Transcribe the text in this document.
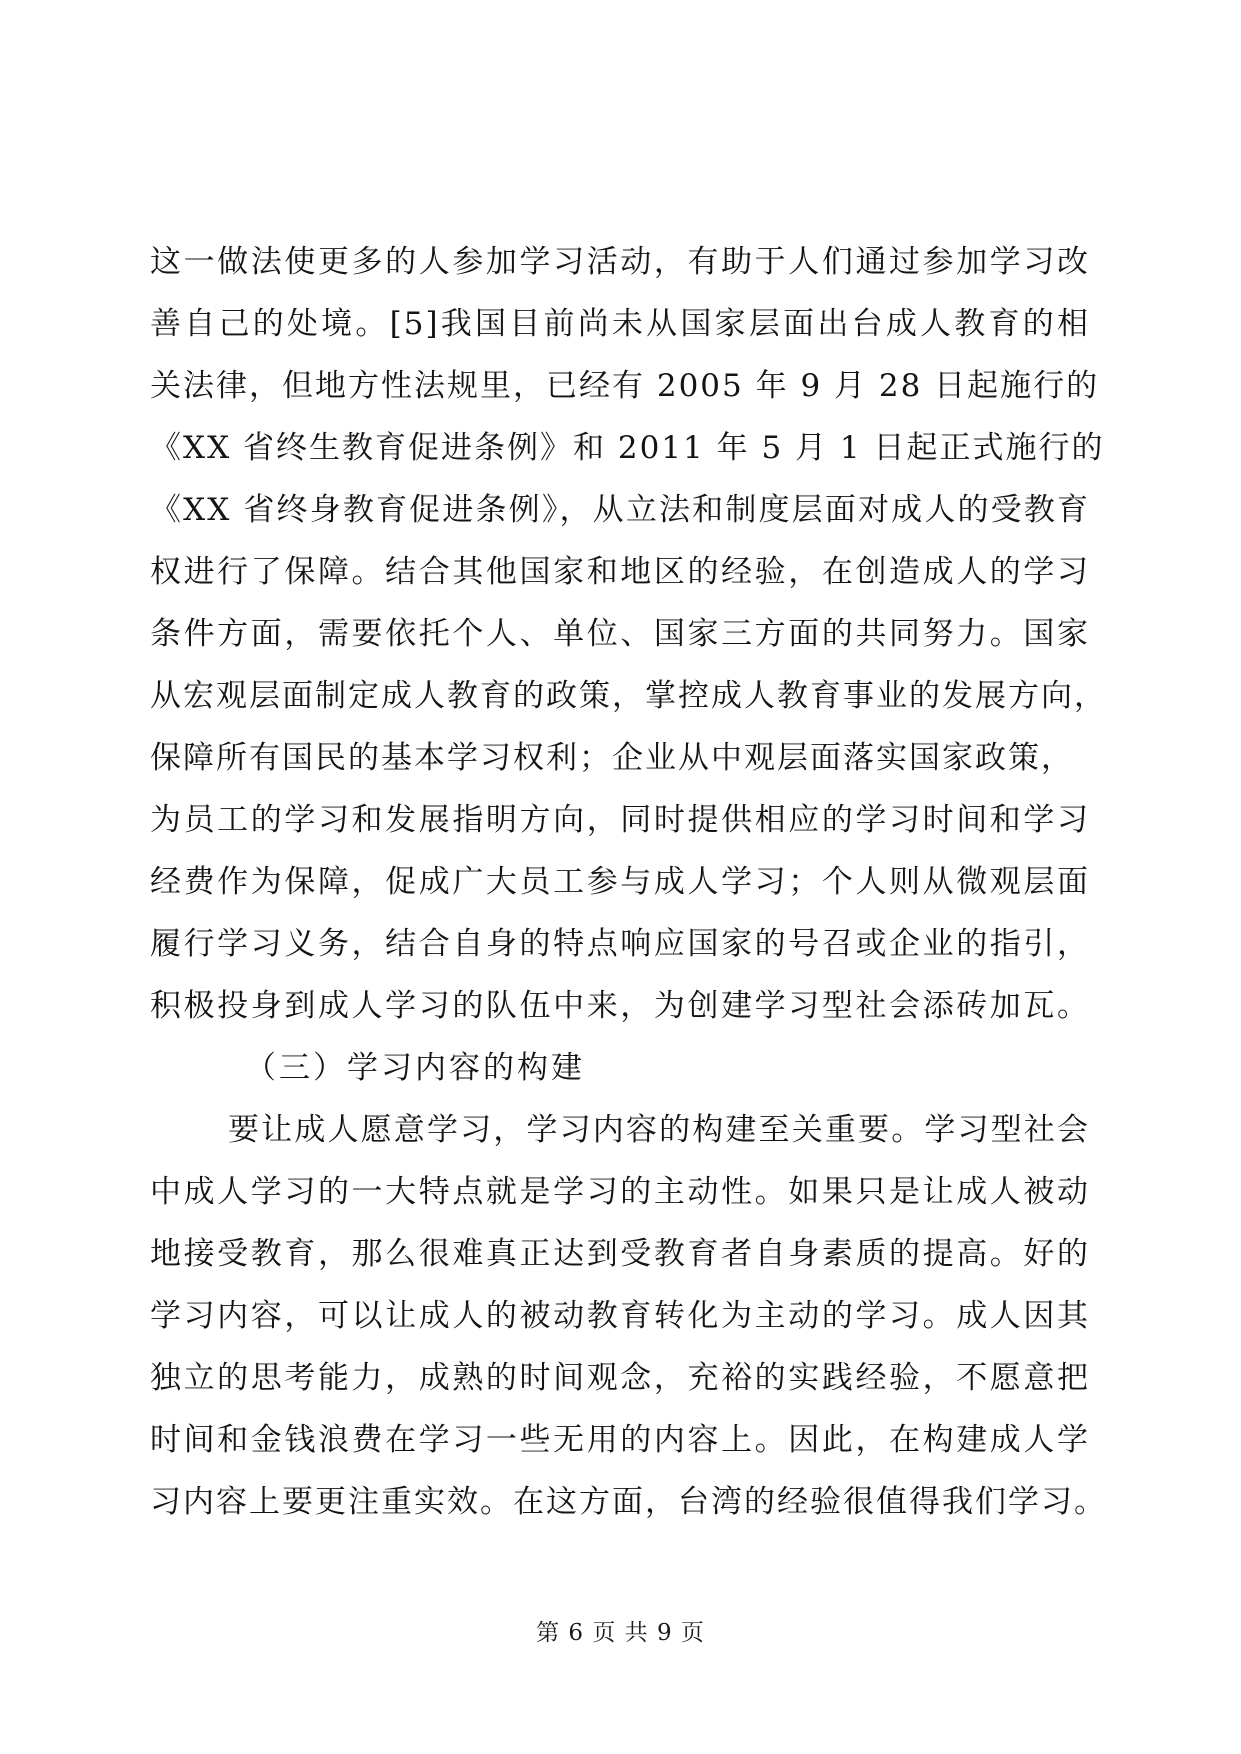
这一做法使更多的人参加学习活动，有助于人们通过参加学习改
善自己的处境。[5]我国目前尚未从国家层面出台成人教育的相
关法律，但地方性法规里，已经有 2005 年 9 月 28 日起施行的
《XX 省终生教育促进条例》和 2011 年 5 月 1 日起正式施行的
《XX 省终身教育促进条例》，从立法和制度层面对成人的受教育
权进行了保障。结合其他国家和地区的经验，在创造成人的学习
条件方面，需要依托个人、单位、国家三方面的共同努力。国家
从宏观层面制定成人教育的政策，掌控成人教育事业的发展方向，
保障所有国民的基本学习权利；企业从中观层面落实国家政策，
为员工的学习和发展指明方向，同时提供相应的学习时间和学习
经费作为保障，促成广大员工参与成人学习；个人则从微观层面
履行学习义务，结合自身的特点响应国家的号召或企业的指引，
积极投身到成人学习的队伍中来，为创建学习型社会添砖加瓦。
（三）学习内容的构建
要让成人愿意学习，学习内容的构建至关重要。学习型社会
中成人学习的一大特点就是学习的主动性。如果只是让成人被动
地接受教育，那么很难真正达到受教育者自身素质的提高。好的
学习内容，可以让成人的被动教育转化为主动的学习。成人因其
独立的思考能力，成熟的时间观念，充裕的实践经验，不愿意把
时间和金钱浪费在学习一些无用的内容上。因此，在构建成人学
习内容上要更注重实效。在这方面，台湾的经验很值得我们学习。
第 6 页 共 9 页
